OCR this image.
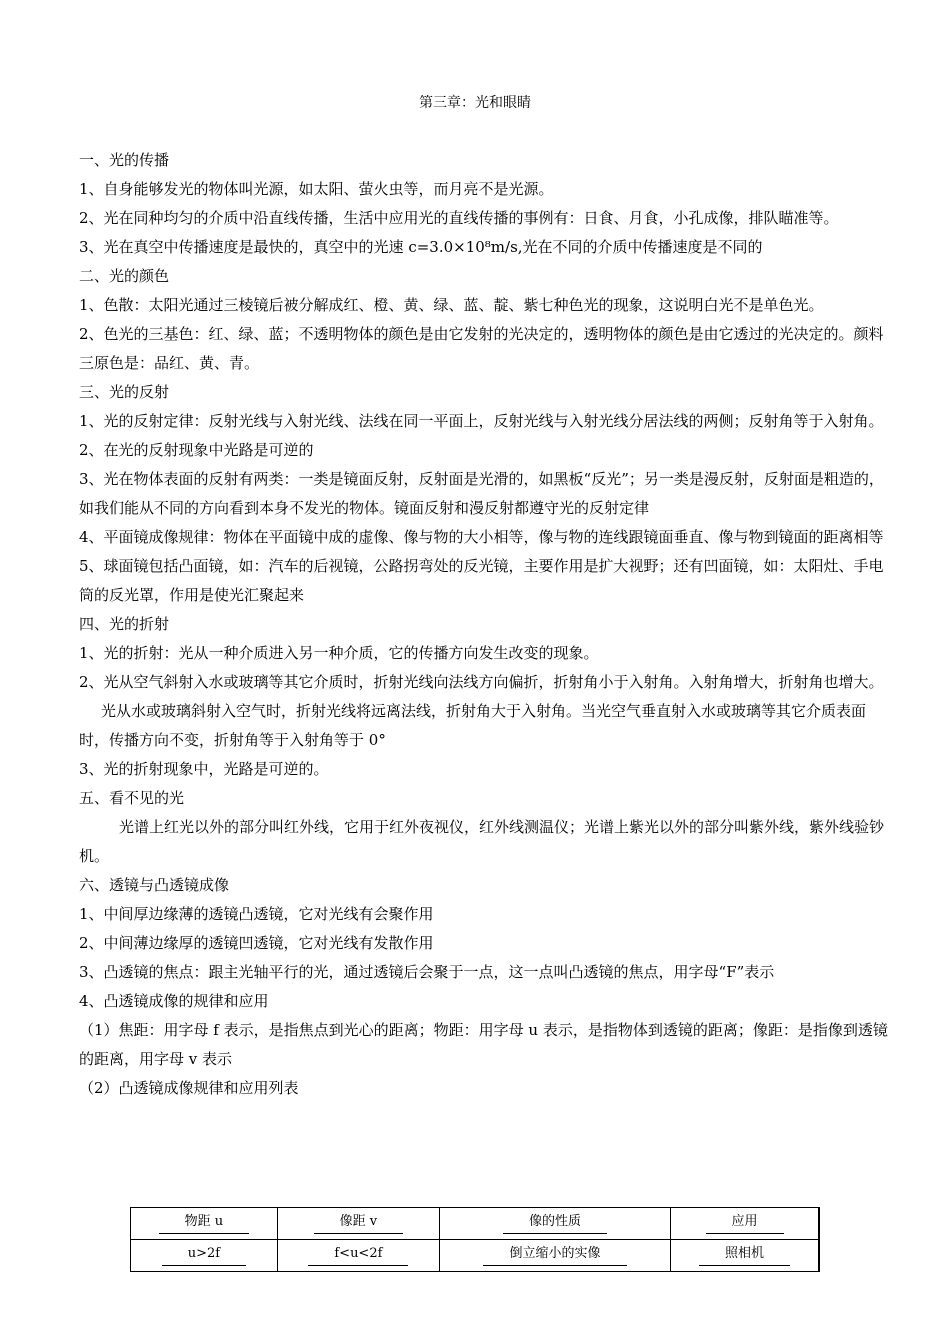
第三章：光和眼睛

一、光的传播

1、自身能够发光的物体叫光源，如太阳、萤火虫等，而月亮不是光源。

2、光在同种均匀的介质中沿直线传播，生活中应用光的直线传播的事例有：日食、月食，小孔成像，排队瞄准等。

3、光在真空中传播速度是最快的，真空中的光速 c=3.0×10⁸m/s,光在不同的介质中传播速度是不同的

二、光的颜色

1、色散：太阳光通过三棱镜后被分解成红、橙、黄、绿、蓝、靛、紫七种色光的现象，这说明白光不是单色光。

2、色光的三基色：红、绿、蓝；不透明物体的颜色是由它发射的光决定的，透明物体的颜色是由它透过的光决定的。颜料三原色是：品红、黄、青。

三、光的反射

1、光的反射定律：反射光线与入射光线、法线在同一平面上，反射光线与入射光线分居法线的两侧；反射角等于入射角。

2、在光的反射现象中光路是可逆的

3、光在物体表面的反射有两类：一类是镜面反射，反射面是光滑的，如黑板“反光”；另一类是漫反射，反射面是粗造的，如我们能从不同的方向看到本身不发光的物体。镜面反射和漫反射都遵守光的反射定律

4、平面镜成像规律：物体在平面镜中成的虚像、像与物的大小相等，像与物的连线跟镜面垂直、像与物到镜面的距离相等

5、球面镜包括凸面镜，如：汽车的后视镜，公路拐弯处的反光镜，主要作用是扩大视野；还有凹面镜，如：太阳灶、手电筒的反光罩，作用是使光汇聚起来

四、光的折射

1、光的折射：光从一种介质进入另一种介质，它的传播方向发生改变的现象。

2、光从空气斜射入水或玻璃等其它介质时，折射光线向法线方向偏折，折射角小于入射角。入射角增大，折射角也增大。

光从水或玻璃斜射入空气时，折射光线将远离法线，折射角大于入射角。当光空气垂直射入水或玻璃等其它介质表面时，传播方向不变，折射角等于入射角等于 0°

3、光的折射现象中，光路是可逆的。

五、看不见的光

光谱上红光以外的部分叫红外线，它用于红外夜视仪，红外线测温仪；光谱上紫光以外的部分叫紫外线，紫外线验钞机。

六、透镜与凸透镜成像

1、中间厚边缘薄的透镜凸透镜，它对光线有会聚作用

2、中间薄边缘厚的透镜凹透镜，它对光线有发散作用

3、凸透镜的焦点：跟主光轴平行的光，通过透镜后会聚于一点，这一点叫凸透镜的焦点，用字母“F”表示

4、凸透镜成像的规律和应用

（1）焦距：用字母 f 表示，是指焦点到光心的距离；物距：用字母 u 表示，是指物体到透镜的距离；像距：是指像到透镜的距离，用字母 v 表示

（2）凸透镜成像规律和应用列表

物距 u	像距 v	像的性质	应用
u>2f	f<u<2f	倒立缩小的实像	照相机
